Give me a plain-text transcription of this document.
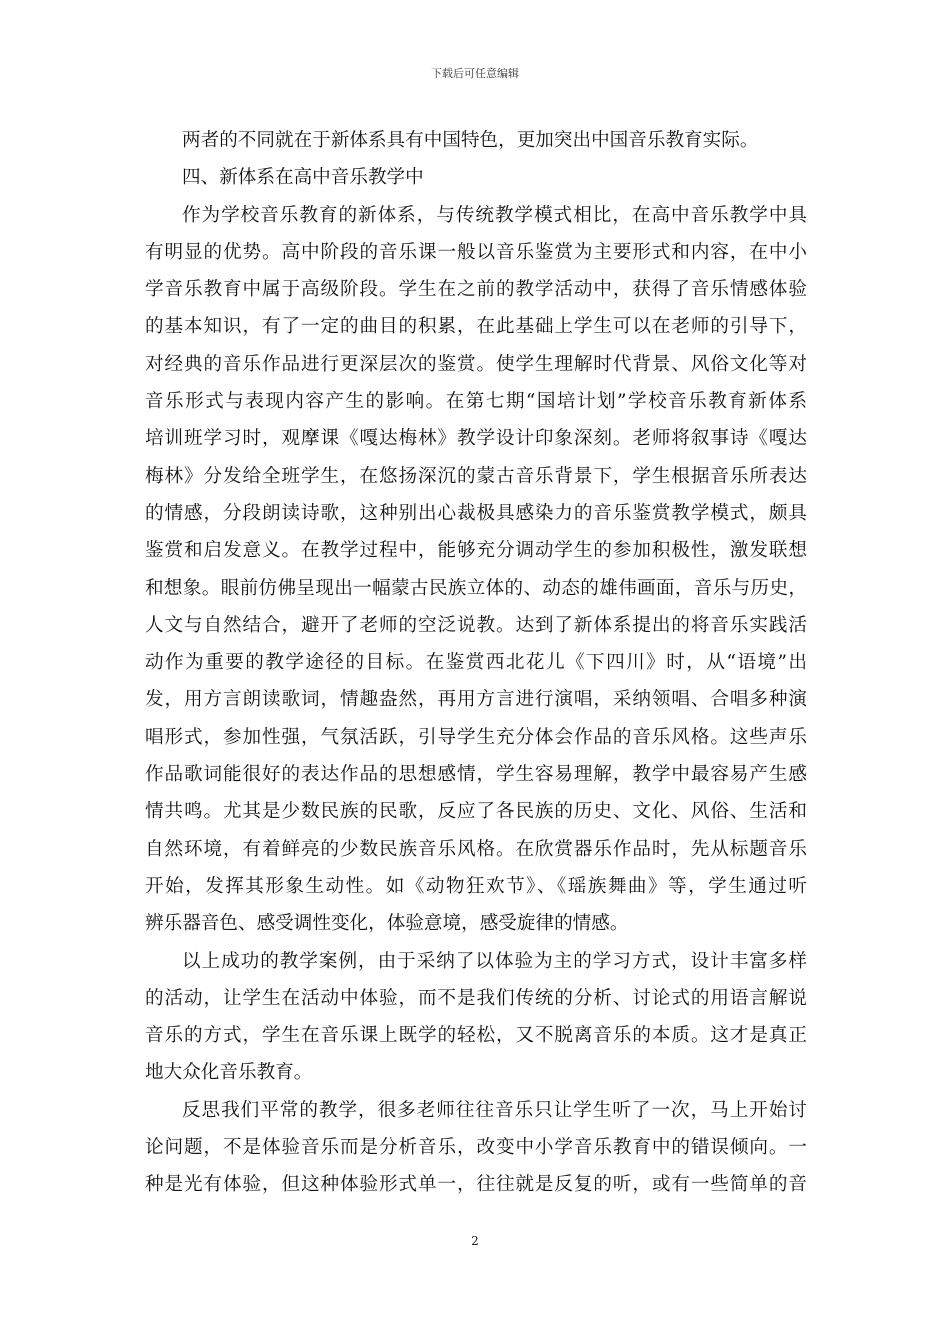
下载后可任意编辑
两者的不同就在于新体系具有中国特色，更加突出中国音乐教育实际。
四、新体系在高中音乐教学中
作为学校音乐教育的新体系，与传统教学模式相比，在高中音乐教学中具
有明显的优势。高中阶段的音乐课一般以音乐鉴赏为主要形式和内容，在中小
学音乐教育中属于高级阶段。学生在之前的教学活动中，获得了音乐情感体验
的基本知识，有了一定的曲目的积累，在此基础上学生可以在老师的引导下，
对经典的音乐作品进行更深层次的鉴赏。使学生理解时代背景、风俗文化等对
音乐形式与表现内容产生的影响。在第七期“国培计划”学校音乐教育新体系
培训班学习时，观摩课《嘎达梅林》教学设计印象深刻。老师将叙事诗《嘎达
梅林》分发给全班学生，在悠扬深沉的蒙古音乐背景下，学生根据音乐所表达
的情感，分段朗读诗歌，这种别出心裁极具感染力的音乐鉴赏教学模式，颇具
鉴赏和启发意义。在教学过程中，能够充分调动学生的参加积极性，激发联想
和想象。眼前仿佛呈现出一幅蒙古民族立体的、动态的雄伟画面，音乐与历史，
人文与自然结合，避开了老师的空泛说教。达到了新体系提出的将音乐实践活
动作为重要的教学途径的目标。在鉴赏西北花儿《下四川》时，从“语境”出
发，用方言朗读歌词，情趣盎然，再用方言进行演唱，采纳领唱、合唱多种演
唱形式，参加性强，气氛活跃，引导学生充分体会作品的音乐风格。这些声乐
作品歌词能很好的表达作品的思想感情，学生容易理解，教学中最容易产生感
情共鸣。尤其是少数民族的民歌，反应了各民族的历史、文化、风俗、生活和
自然环境，有着鲜亮的少数民族音乐风格。在欣赏器乐作品时，先从标题音乐
开始，发挥其形象生动性。如《动物狂欢节》、《瑶族舞曲》等，学生通过听
辨乐器音色、感受调性变化，体验意境，感受旋律的情感。
以上成功的教学案例，由于采纳了以体验为主的学习方式，设计丰富多样
的活动，让学生在活动中体验，而不是我们传统的分析、讨论式的用语言解说
音乐的方式，学生在音乐课上既学的轻松，又不脱离音乐的本质。这才是真正
地大众化音乐教育。
反思我们平常的教学，很多老师往往音乐只让学生听了一次，马上开始讨
论问题，不是体验音乐而是分析音乐，改变中小学音乐教育中的错误倾向。一
种是光有体验，但这种体验形式单一，往往就是反复的听，或有一些简单的音
2
